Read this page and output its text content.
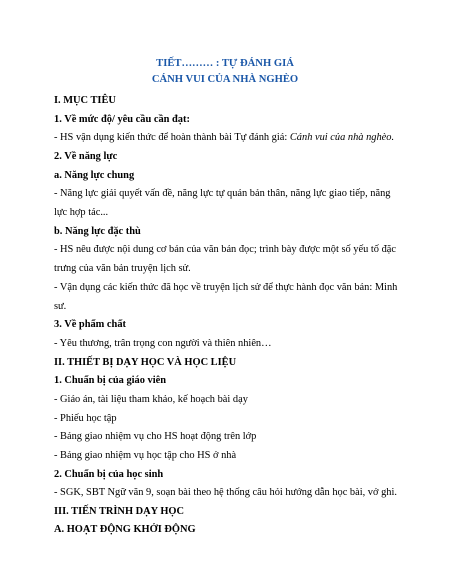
TIẾT……… : TỰ ĐÁNH GIÁ

CÁNH VUI CỦA NHÀ NGHÈO

I. MỤC TIÊU

1. Về mức độ/ yêu cầu cần đạt:

- HS vận dụng kiến thức để hoàn thành bài Tự đánh giá: Cánh vui của nhà nghèo.

2. Về năng lực

a. Năng lực chung

- Năng lực giải quyết vấn đề, năng lực tự quản bản thân, năng lực giao tiếp, năng

lực hợp tác...

b. Năng lực đặc thù

- HS nêu được nội dung cơ bản của văn bản đọc; trình bày được một số yếu tố đặc

trưng của văn bản truyện lịch sử.

- Vận dụng các kiến thức đã học về truyện lịch sử để thực hành đọc văn bản: Minh

sư.

3. Về phẩm chất

- Yêu thương, trân trọng con người và thiên nhiên…

II. THIẾT BỊ DẠY HỌC VÀ HỌC LIỆU

1. Chuẩn bị của giáo viên

- Giáo án, tài liệu tham khảo, kế hoạch bài dạy

- Phiếu học tập

- Bảng giao nhiệm vụ cho HS hoạt động trên lớp

- Bảng giao nhiệm vụ học tập cho HS ở nhà

2. Chuẩn bị của học sinh

- SGK, SBT Ngữ văn 9, soạn bài theo hệ thống câu hỏi hướng dẫn học bài, vở ghi.

III. TIẾN TRÌNH DẠY HỌC

A. HOẠT ĐỘNG KHỞI ĐỘNG
